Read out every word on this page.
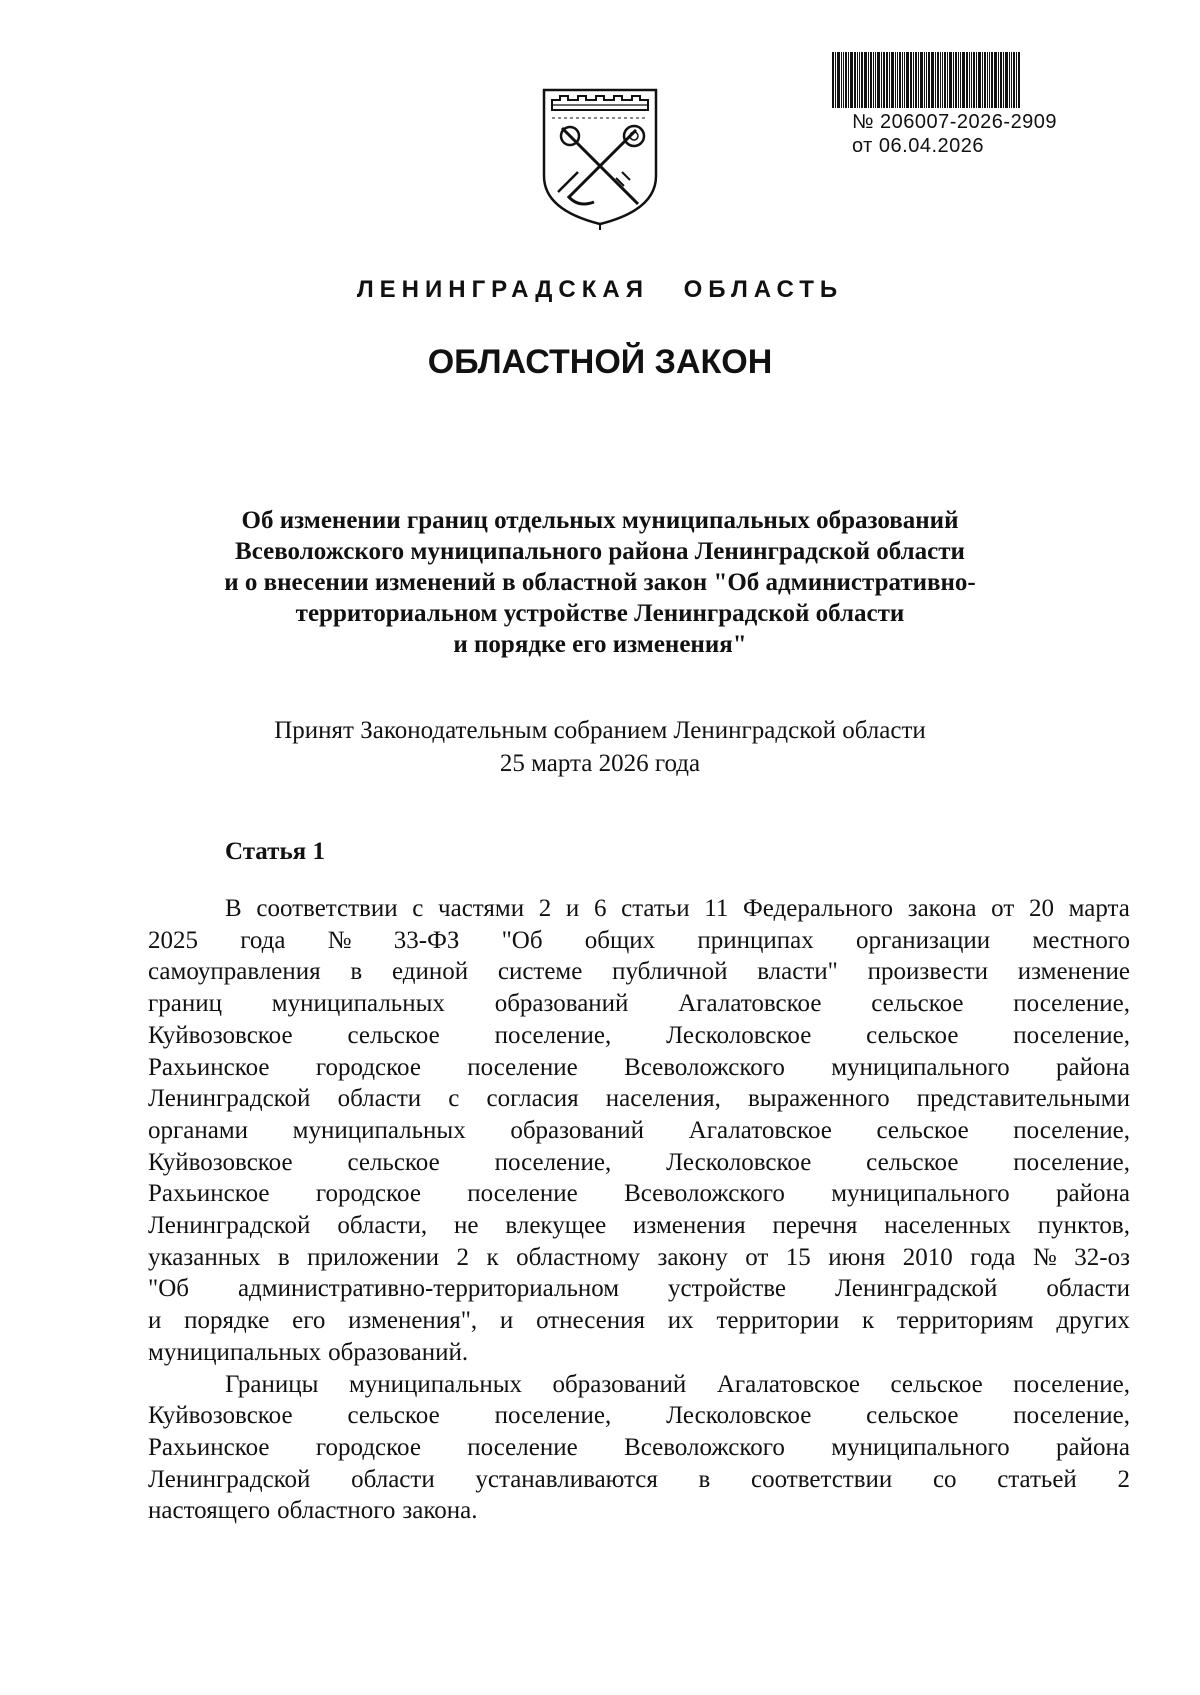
№ 206007-2026-2909
от 06.04.2026
ЛЕНИНГРАДСКАЯ ОБЛАСТЬ
ОБЛАСТНОЙ ЗАКОН
Об изменении границ отдельных муниципальных образований
Всеволожского муниципального района Ленинградской области
и о внесении изменений в областной закон "Об административно-
территориальном устройстве Ленинградской области
и порядке его изменения"
Принят Законодательным собранием Ленинградской области
25 марта 2026 года
Статья 1
В соответствии с частями 2 и 6 статьи 11 Федерального закона от 20 марта
2025 года № 33-ФЗ "Об общих принципах организации местного
самоуправления в единой системе публичной власти" произвести изменение
границ муниципальных образований Агалатовское сельское поселение,
Куйвозовское сельское поселение, Лесколовское сельское поселение,
Рахьинское городское поселение Всеволожского муниципального района
Ленинградской области с согласия населения, выраженного представительными
органами муниципальных образований Агалатовское сельское поселение,
Куйвозовское сельское поселение, Лесколовское сельское поселение,
Рахьинское городское поселение Всеволожского муниципального района
Ленинградской области, не влекущее изменения перечня населенных пунктов,
указанных в приложении 2 к областному закону от 15 июня 2010 года № 32-оз
"Об административно-территориальном устройстве Ленинградской области
и порядке его изменения", и отнесения их территории к территориям других
муниципальных образований.
Границы муниципальных образований Агалатовское сельское поселение,
Куйвозовское сельское поселение, Лесколовское сельское поселение,
Рахьинское городское поселение Всеволожского муниципального района
Ленинградской области устанавливаются в соответствии со статьей 2
настоящего областного закона.
